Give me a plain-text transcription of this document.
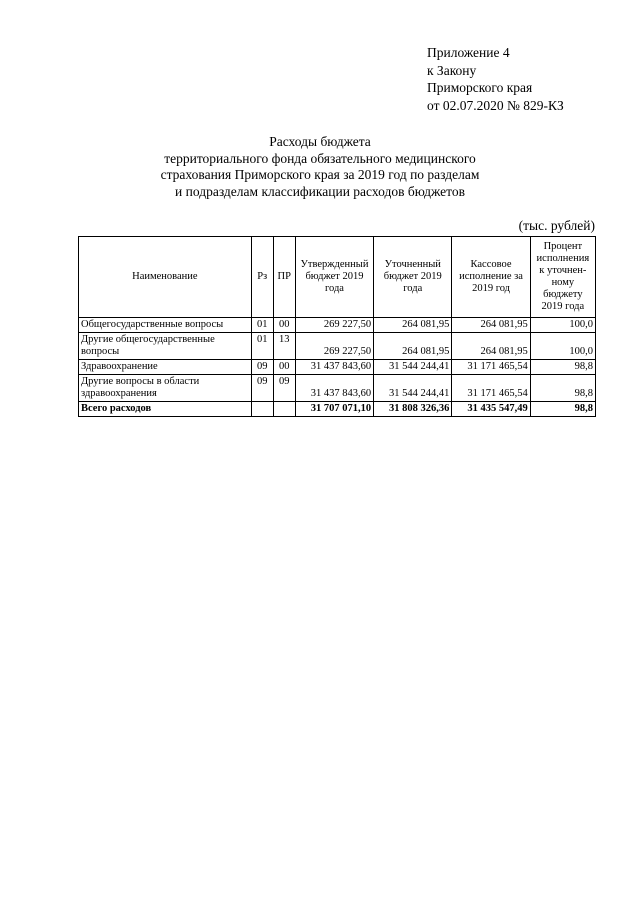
Приложение 4
к Закону
Приморского края
от 02.07.2020 № 829-КЗ
Расходы бюджета
территориального фонда обязательного медицинского
страхования Приморского края за 2019 год по разделам
и подразделам классификации расходов бюджетов
(тыс. рублей)
Наименование	Рз	ПР	Утвержденный бюджет 2019 года	Уточненный бюджет 2019 года	Кассовое исполнение за 2019 год	Процент исполнения к уточнен-ному бюджету 2019 года
Общегосударственные вопросы	01	00	269 227,50	264 081,95	264 081,95	100,0
Другие общегосударственные вопросы	01	13	269 227,50	264 081,95	264 081,95	100,0
Здравоохранение	09	00	31 437 843,60	31 544 244,41	31 171 465,54	98,8
Другие вопросы в области здравоохранения	09	09	31 437 843,60	31 544 244,41	31 171 465,54	98,8
Всего расходов			31 707 071,10	31 808 326,36	31 435 547,49	98,8
